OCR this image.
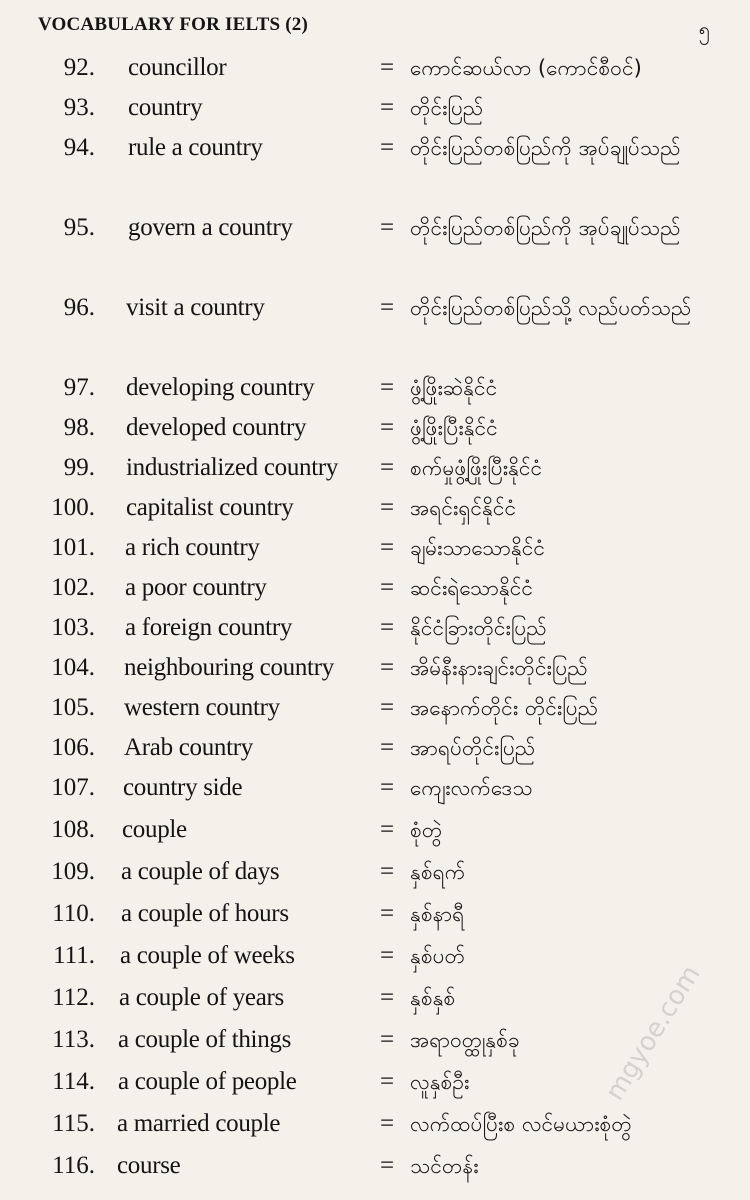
VOCABULARY FOR IELTS (2)	၅
92. councillor	= ကောင်ဆယ်လာ (ကောင်စီဝင်)
93. country	= တိုင်းပြည်
94. rule a country	= တိုင်းပြည်တစ်ပြည်ကို အုပ်ချုပ်သည်
95. govern a country	= တိုင်းပြည်တစ်ပြည်ကို အုပ်ချုပ်သည်
96. visit a country	= တိုင်းပြည်တစ်ပြည်သို့ လည်ပတ်သည်
97. developing country	= ဖွံ့ဖြိုးဆဲနိုင်ငံ
98. developed country	= ဖွံ့ဖြိုးပြီးနိုင်ငံ
99. industrialized country = စက်မှုဖွံ့ဖြိုးပြီးနိုင်ငံ
100. capitalist country	= အရင်းရှင်နိုင်ငံ
101. a rich country	= ချမ်းသာသောနိုင်ငံ
102. a poor country	= ဆင်းရဲသောနိုင်ငံ
103. a foreign country	= နိုင်ငံခြားတိုင်းပြည်
104. neighbouring country = အိမ်နီးနားချင်းတိုင်းပြည်
105. western country	= အနောက်တိုင်း တိုင်းပြည်
106. Arab country	= အာရပ်တိုင်းပြည်
107. country side	= ကျေးလက်ဒေသ
108. couple	= စုံတွဲ
109. a couple of days	= နှစ်ရက်
110. a couple of hours	= နှစ်နာရီ
111. a couple of weeks	= နှစ်ပတ်
112. a couple of years	= နှစ်နှစ်
113. a couple of things	= အရာဝတ္ထုနှစ်ခု
114. a couple of people	= လူနှစ်ဦး
115. a married couple	= လက်ထပ်ပြီးစ လင်မယားစုံတွဲ
116. course	= သင်တန်း
mgyoe.com
